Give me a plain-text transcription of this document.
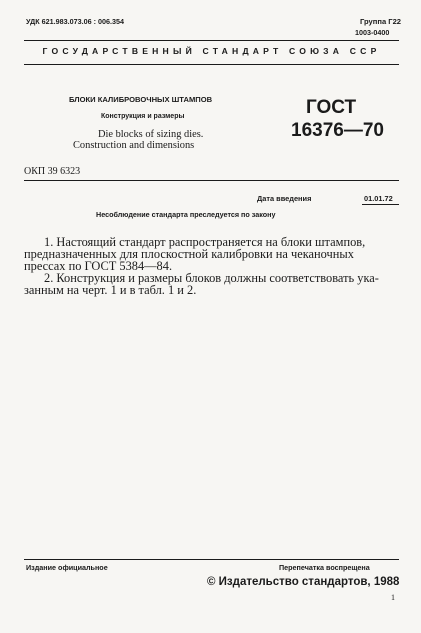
УДК 621.983.073.06 : 006.354	Группа Г22
1003-0400
ГОСУДАРСТВЕННЫЙ СТАНДАРТ СОЮЗА ССР
БЛОКИ КАЛИБРОВОЧНЫХ ШТАМПОВ
Конструкция и размеры
Die blocks of sizing dies.
Construction and dimensions
ГОСТ
16376—70
ОКП 39 6323
Дата введения	01.01.72
Несоблюдение стандарта преследуется по закону
1. Настоящий стандарт распространяется на блоки штампов,
предназначенных для плоскостной калибровки на чеканочных
прессах по ГОСТ 5384—84.
2. Конструкция и размеры блоков должны соответствовать ука-
занным на черт. 1 и в табл. 1 и 2.
Издание официальное	Перепечатка воспрещена
© Издательство стандартов, 1988
1
